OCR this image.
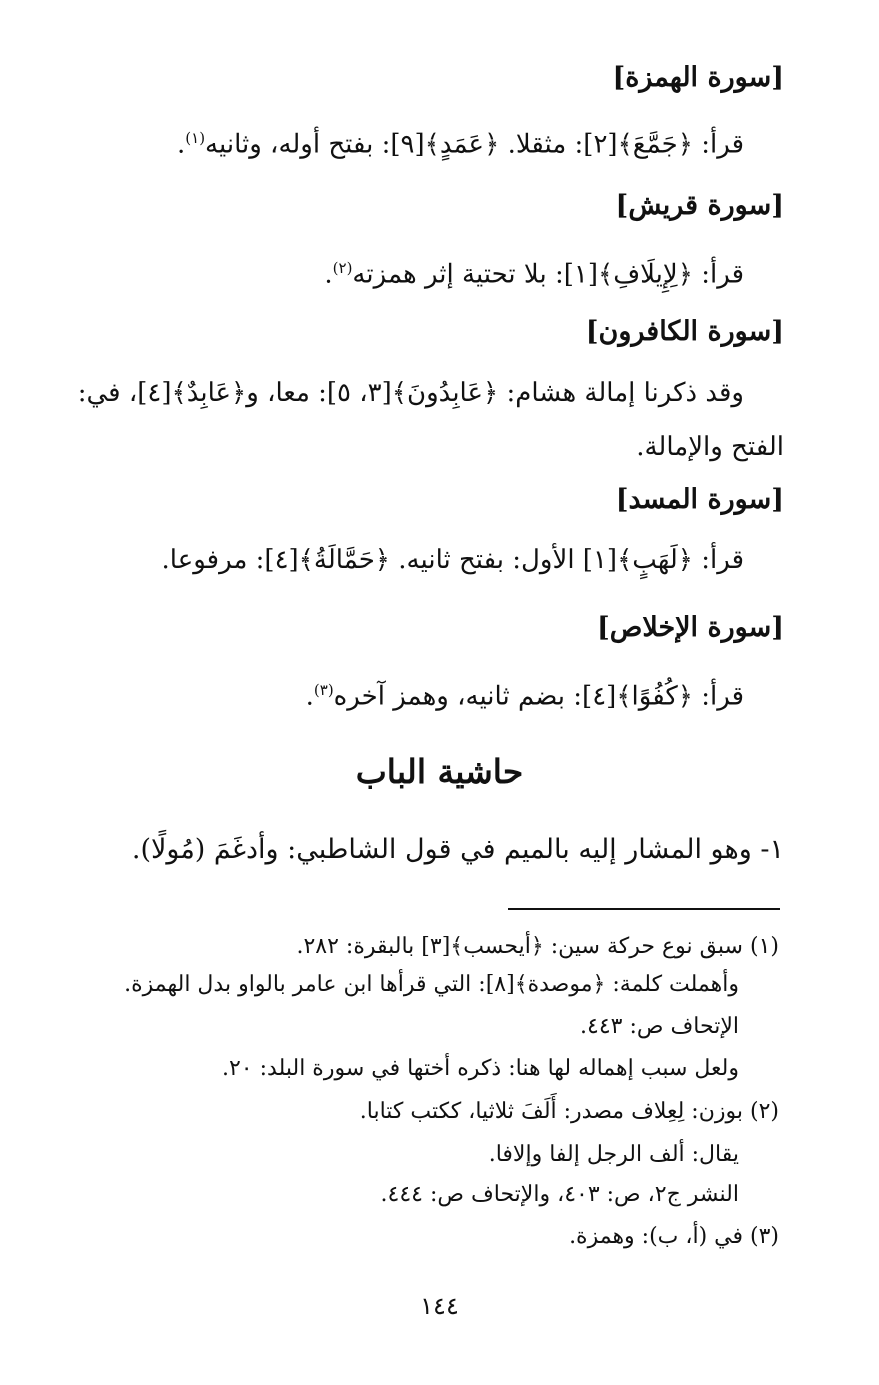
[سورة الهمزة]
قرأ: ﴿جَمَّعَ﴾[٢]: مثقلا. ﴿عَمَدٍ﴾[٩]: بفتح أوله، وثانيه$^{(١)}$.
[سورة قريش]
قرأ: ﴿لِإِيلَافِ﴾[١]: بلا تحتية إثر همزته$^{(٢)}$.
[سورة الكافرون]
وقد ذكرنا إمالة هشام: ﴿عَابِدُونَ﴾[٣، ٥]: معا، و﴿عَابِدٌ﴾[٤]، في: الفتح والإمالة.
[سورة المسد]
قرأ: ﴿لَهَبٍ﴾[١] الأول: بفتح ثانيه. ﴿حَمَّالَةُ﴾[٤]: مرفوعا.
[سورة الإخلاص]
قرأ: ﴿كُفُوًا﴾[٤]: بضم ثانيه، وهمز آخره$^{(٣)}$.
حاشية الباب
١- وهو المشار إليه بالميم في قول الشاطبي: وأدغَمَ (مُولًا).
(١) سبق نوع حركة سين: ﴿أيحسب﴾[٣] بالبقرة: ٢٨٢.
وأهملت كلمة: ﴿موصدة﴾[٨]: التي قرأها ابن عامر بالواو بدل الهمزة.
الإتحاف ص: ٤٤٣.
ولعل سبب إهماله لها هنا: ذكره أختها في سورة البلد: ٢٠.
(٢) بوزن: لِعِلاف مصدر: أَلَفَ ثلاثيا، ككتب كتابا.
يقال: ألف الرجل إلفا وإلافا.
النشر ج٢، ص: ٤٠٣، والإتحاف ص: ٤٤٤.
(٣) في (أ، ب): وهمزة.
١٤٤
